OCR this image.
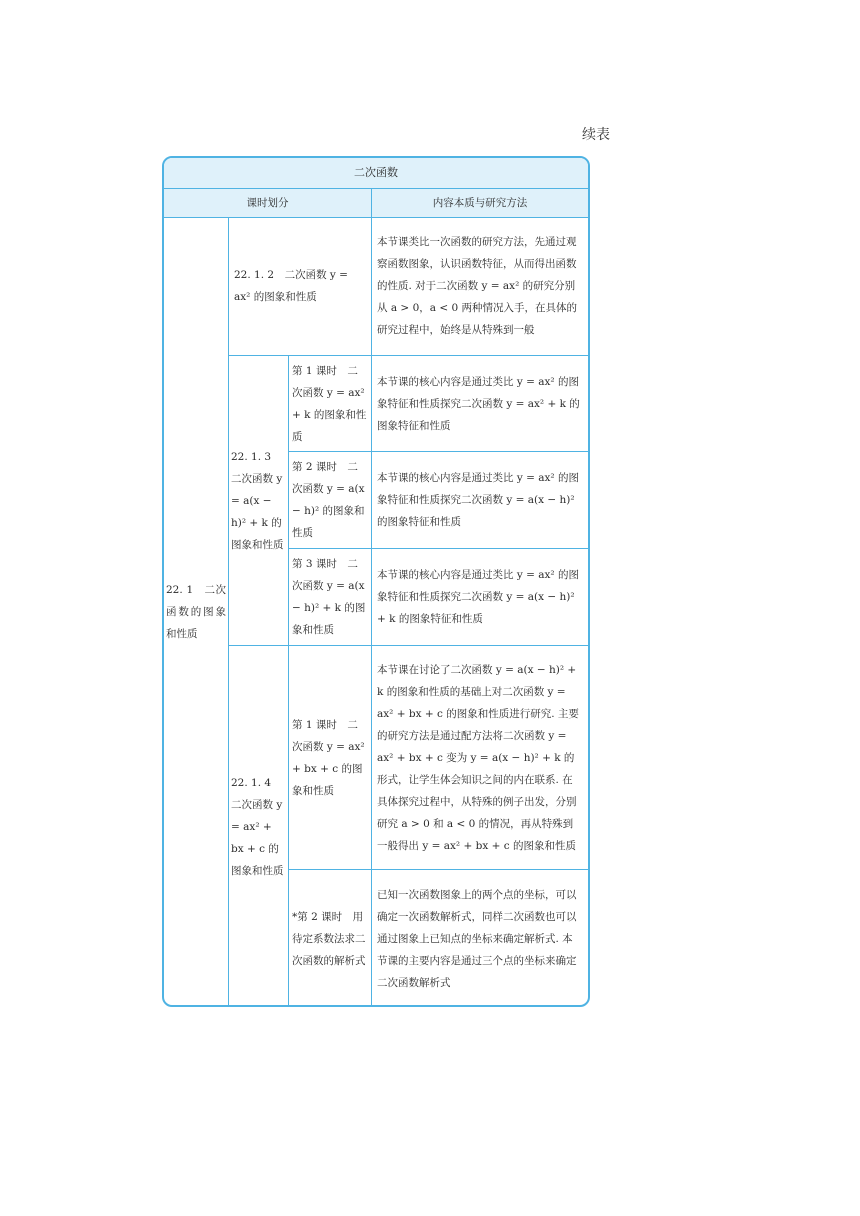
续表
二次函数
课时划分	内容本质与研究方法
22. 1　二次函数的图象和性质
22. 1. 2　二次函数 y = ax² 的图象和性质
本节课类比一次函数的研究方法，先通过观察函数图象，认识函数特征，从而得出函数的性质. 对于二次函数 y = ax² 的研究分别从 a > 0，a < 0 两种情况入手，在具体的研究过程中，始终是从特殊到一般
22. 1. 3　二次函数 y = a(x − h)² + k 的图象和性质
第 1 课时　二次函数 y = ax² + k 的图象和性质
本节课的核心内容是通过类比 y = ax² 的图象特征和性质探究二次函数 y = ax² + k 的图象特征和性质
第 2 课时　二次函数 y = a(x − h)² 的图象和性质
本节课的核心内容是通过类比 y = ax² 的图象特征和性质探究二次函数 y = a(x − h)² 的图象特征和性质
第 3 课时　二次函数 y = a(x − h)² + k 的图象和性质
本节课的核心内容是通过类比 y = ax² 的图象特征和性质探究二次函数 y = a(x − h)² + k 的图象特征和性质
22. 1. 4　二次函数 y = ax² + bx + c 的图象和性质
第 1 课时　二次函数 y = ax² + bx + c 的图象和性质
本节课在讨论了二次函数 y = a(x − h)² + k 的图象和性质的基础上对二次函数 y = ax² + bx + c 的图象和性质进行研究. 主要的研究方法是通过配方法将二次函数 y = ax² + bx + c 变为 y = a(x − h)² + k 的形式，让学生体会知识之间的内在联系. 在具体探究过程中，从特殊的例子出发，分别研究 a > 0 和 a < 0 的情况，再从特殊到一般得出 y = ax² + bx + c 的图象和性质
*第 2 课时　用待定系数法求二次函数的解析式
已知一次函数图象上的两个点的坐标，可以确定一次函数解析式，同样二次函数也可以通过图象上已知点的坐标来确定解析式. 本节课的主要内容是通过三个点的坐标来确定二次函数解析式
